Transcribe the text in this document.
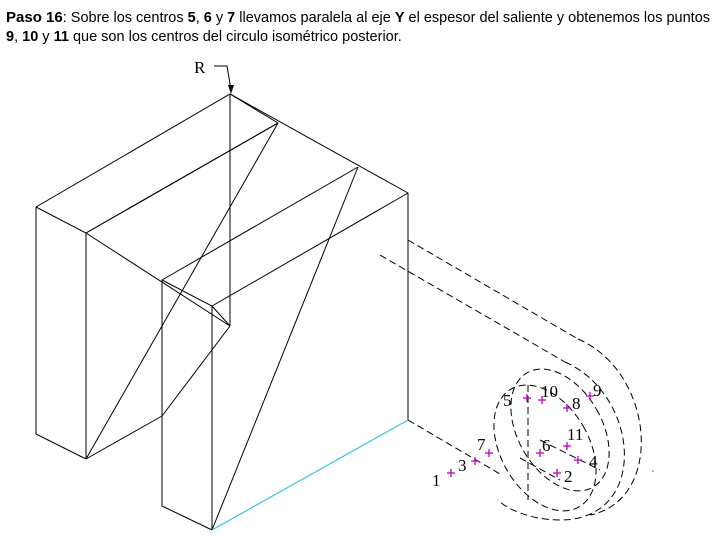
Paso 16: Sobre los centros 5, 6 y 7 llevamos paralela al eje Y el espesor del saliente y obtenemos los puntos 9, 10 y 11 que son los centros del circulo isométrico posterior.
R
1
3
7
5 10
8
9
6
11
2
4
